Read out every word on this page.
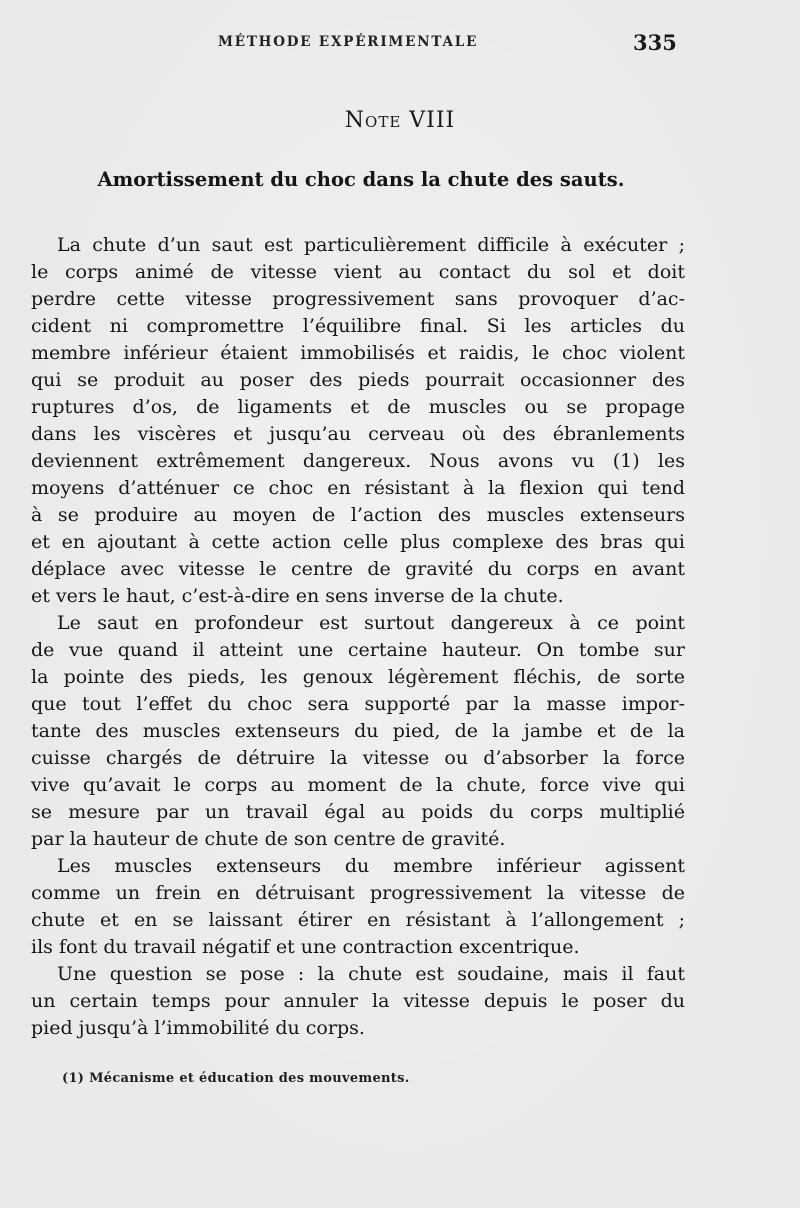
MÉTHODE EXPÉRIMENTALE	335
Note VIII
Amortissement du choc dans la chute des sauts.
La chute d’un saut est particulièrement difficile à exécuter ;
le corps animé de vitesse vient au contact du sol et doit
perdre cette vitesse progressivement sans provoquer d’ac-
cident ni compromettre l’équilibre final. Si les articles du
membre inférieur étaient immobilisés et raidis, le choc violent
qui se produit au poser des pieds pourrait occasionner des
ruptures d’os, de ligaments et de muscles ou se propage
dans les viscères et jusqu’au cerveau où des ébranlements
deviennent extrêmement dangereux. Nous avons vu (1) les
moyens d’atténuer ce choc en résistant à la flexion qui tend
à se produire au moyen de l’action des muscles extenseurs
et en ajoutant à cette action celle plus complexe des bras qui
déplace avec vitesse le centre de gravité du corps en avant
et vers le haut, c’est-à-dire en sens inverse de la chute.
Le saut en profondeur est surtout dangereux à ce point
de vue quand il atteint une certaine hauteur. On tombe sur
la pointe des pieds, les genoux légèrement fléchis, de sorte
que tout l’effet du choc sera supporté par la masse impor-
tante des muscles extenseurs du pied, de la jambe et de la
cuisse chargés de détruire la vitesse ou d’absorber la force
vive qu’avait le corps au moment de la chute, force vive qui
se mesure par un travail égal au poids du corps multiplié
par la hauteur de chute de son centre de gravité.
Les muscles extenseurs du membre inférieur agissent
comme un frein en détruisant progressivement la vitesse de
chute et en se laissant étirer en résistant à l’allongement ;
ils font du travail négatif et une contraction excentrique.
Une question se pose : la chute est soudaine, mais il faut
un certain temps pour annuler la vitesse depuis le poser du
pied jusqu’à l’immobilité du corps.
(1) Mécanisme et éducation des mouvements.
